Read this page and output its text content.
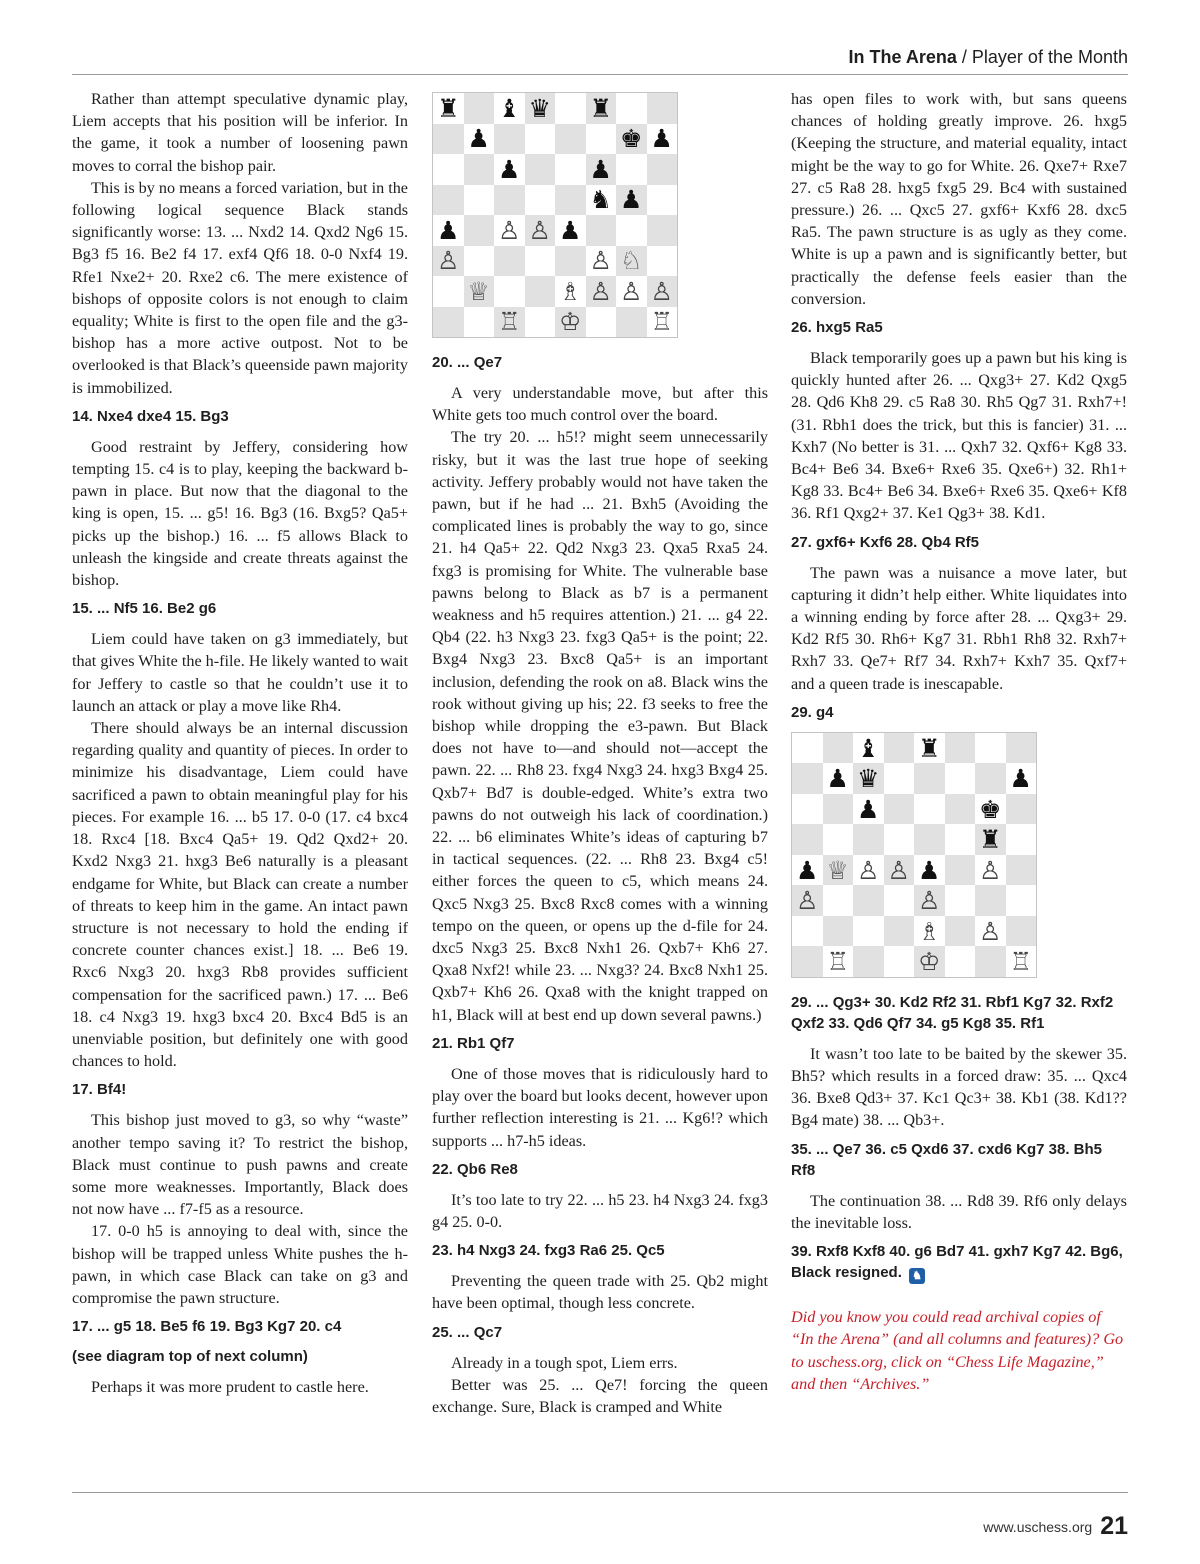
In The Arena / Player of the Month

Rather than attempt speculative dynamic play, Liem accepts that his position will be inferior. In the game, it took a number of loosening pawn moves to corral the bishop pair.

This is by no means a forced variation, but in the following logical sequence Black stands significantly worse: 13. ... Nxd2 14. Qxd2 Ng6 15. Bg3 f5 16. Be2 f4 17. exf4 Qf6 18. 0-0 Nxf4 19. Rfe1 Nxe2+ 20. Rxe2 c6. The mere existence of bishops of opposite colors is not enough to claim equality; White is first to the open file and the g3-bishop has a more active outpost. Not to be overlooked is that Black’s queenside pawn majority is immobilized.

14. Nxe4 dxe4 15. Bg3

Good restraint by Jeffery, considering how tempting 15. c4 is to play, keeping the backward b-pawn in place. But now that the diagonal to the king is open, 15. ... g5! 16. Bg3 (16. Bxg5? Qa5+ picks up the bishop.) 16. ... f5 allows Black to unleash the kingside and create threats against the bishop.

15. ... Nf5 16. Be2 g6

Liem could have taken on g3 immediately, but that gives White the h-file. He likely wanted to wait for Jeffery to castle so that he couldn’t use it to launch an attack or play a move like Rh4.

There should always be an internal discussion regarding quality and quantity of pieces. In order to minimize his disadvantage, Liem could have sacrificed a pawn to obtain meaningful play for his pieces. For example 16. ... b5 17. 0-0 (17. c4 bxc4 18. Rxc4 [18. Bxc4 Qa5+ 19. Qd2 Qxd2+ 20. Kxd2 Nxg3 21. hxg3 Be6 naturally is a pleasant endgame for White, but Black can create a number of threats to keep him in the game. An intact pawn structure is not necessary to hold the ending if concrete counter chances exist.] 18. ... Be6 19. Rxc6 Nxg3 20. hxg3 Rb8 provides sufficient compensation for the sacrificed pawn.) 17. ... Be6 18. c4 Nxg3 19. hxg3 bxc4 20. Bxc4 Bd5 is an unenviable position, but definitely one with good chances to hold.

17. Bf4!

This bishop just moved to g3, so why “waste” another tempo saving it? To restrict the bishop, Black must continue to push pawns and create some more weaknesses. Importantly, Black does not now have ... f7-f5 as a resource.

17. 0-0 h5 is annoying to deal with, since the bishop will be trapped unless White pushes the h-pawn, in which case Black can take on g3 and compromise the pawn structure.

17. ... g5 18. Be5 f6 19. Bg3 Kg7 20. c4
(see diagram top of next column)

Perhaps it was more prudent to castle here.

♜ ♝ ♛ ♜
♟	♚ ♟
♟	♟
♞ ♟
♟ ♙ ♙ ♟
♙	♙ ♘
♕	♗ ♙ ♙ ♙
♖ ♔	♖
20. ... Qe7

A very understandable move, but after this White gets too much control over the board.

The try 20. ... h5!? might seem unnecessarily risky, but it was the last true hope of seeking activity. Jeffery probably would not have taken the pawn, but if he had ... 21. Bxh5 (Avoiding the complicated lines is probably the way to go, since 21. h4 Qa5+ 22. Qd2 Nxg3 23. Qxa5 Rxa5 24. fxg3 is promising for White. The vulnerable base pawns belong to Black as b7 is a permanent weakness and h5 requires attention.) 21. ... g4 22. Qb4 (22. h3 Nxg3 23. fxg3 Qa5+ is the point; 22. Bxg4 Nxg3 23. Bxc8 Qa5+ is an important inclusion, defending the rook on a8. Black wins the rook without giving up his; 22. f3 seeks to free the bishop while dropping the e3-pawn. But Black does not have to—and should not—accept the pawn. 22. ... Rh8 23. fxg4 Nxg3 24. hxg3 Bxg4 25. Qxb7+ Bd7 is double-edged. White’s extra two pawns do not outweigh his lack of coordination.) 22. ... b6 eliminates White’s ideas of capturing b7 in tactical sequences. (22. ... Rh8 23. Bxg4 c5! either forces the queen to c5, which means 24. Qxc5 Nxg3 25. Bxc8 Rxc8 comes with a winning tempo on the queen, or opens up the d-file for 24. dxc5 Nxg3 25. Bxc8 Nxh1 26. Qxb7+ Kh6 27. Qxa8 Nxf2! while 23. ... Nxg3? 24. Bxc8 Nxh1 25. Qxb7+ Kh6 26. Qxa8 with the knight trapped on h1, Black will at best end up down several pawns.)

21. Rb1 Qf7

One of those moves that is ridiculously hard to play over the board but looks decent, however upon further reflection interesting is 21. ... Kg6!? which supports ... h7-h5 ideas.

22. Qb6 Re8

It’s too late to try 22. ... h5 23. h4 Nxg3 24. fxg3 g4 25. 0-0.

23. h4 Nxg3 24. fxg3 Ra6 25. Qc5

Preventing the queen trade with 25. Qb2 might have been optimal, though less concrete.

25. ... Qc7

Already in a tough spot, Liem errs.

Better was 25. ... Qe7! forcing the queen exchange. Sure, Black is cramped and White

has open files to work with, but sans queens chances of holding greatly improve. 26. hxg5 (Keeping the structure, and material equality, intact might be the way to go for White. 26. Qxe7+ Rxe7 27. c5 Ra8 28. hxg5 fxg5 29. Bc4 with sustained pressure.) 26. ... Qxc5 27. gxf6+ Kxf6 28. dxc5 Ra5. The pawn structure is as ugly as they come. White is up a pawn and is significantly better, but practically the defense feels easier than the conversion.

26. hxg5 Ra5

Black temporarily goes up a pawn but his king is quickly hunted after 26. ... Qxg3+ 27. Kd2 Qxg5 28. Qd6 Kh8 29. c5 Ra8 30. Rh5 Qg7 31. Rxh7+! (31. Rbh1 does the trick, but this is fancier) 31. ... Kxh7 (No better is 31. ... Qxh7 32. Qxf6+ Kg8 33. Bc4+ Be6 34. Bxe6+ Rxe6 35. Qxe6+) 32. Rh1+ Kg8 33. Bc4+ Be6 34. Bxe6+ Rxe6 35. Qxe6+ Kf8 36. Rf1 Qxg2+ 37. Ke1 Qg3+ 38. Kd1.

27. gxf6+ Kxf6 28. Qb4 Rf5

The pawn was a nuisance a move later, but capturing it didn’t help either. White liquidates into a winning ending by force after 28. ... Qxg3+ 29. Kd2 Rf5 30. Rh6+ Kg7 31. Rbh1 Rh8 32. Rxh7+ Rxh7 33. Qe7+ Rf7 34. Rxh7+ Kxh7 35. Qxf7+ and a queen trade is inescapable.

29. g4
♝ ♜
♟ ♛	♟
♟	♚
♜
♟ ♕ ♙ ♙ ♟ ♙
♙	♙
♗ ♙
♖	♔	♖
29. ... Qg3+ 30. Kd2 Rf2 31. Rbf1 Kg7 32. Rxf2 Qxf2 33. Qd6 Qf7 34. g5 Kg8 35. Rf1

It wasn’t too late to be baited by the skewer 35. Bh5? which results in a forced draw: 35. ... Qxc4 36. Bxe8 Qd3+ 37. Kc1 Qc3+ 38. Kb1 (38. Kd1?? Bg4 mate) 38. ... Qb3+.

35. ... Qe7 36. c5 Qxd6 37. cxd6 Kg7 38. Bh5 Rf8

The continuation 38. ... Rd8 39. Rf6 only delays the inevitable loss.

39. Rxf8 Kxf8 40. g6 Bd7 41. gxh7 Kg7 42. Bg6, Black resigned. ♞

Did you know you could read archival copies of “In the Arena” (and all columns and features)? Go to uschess.org, click on “Chess Life Magazine,” and then “Archives.”

www.uschess.org 21
